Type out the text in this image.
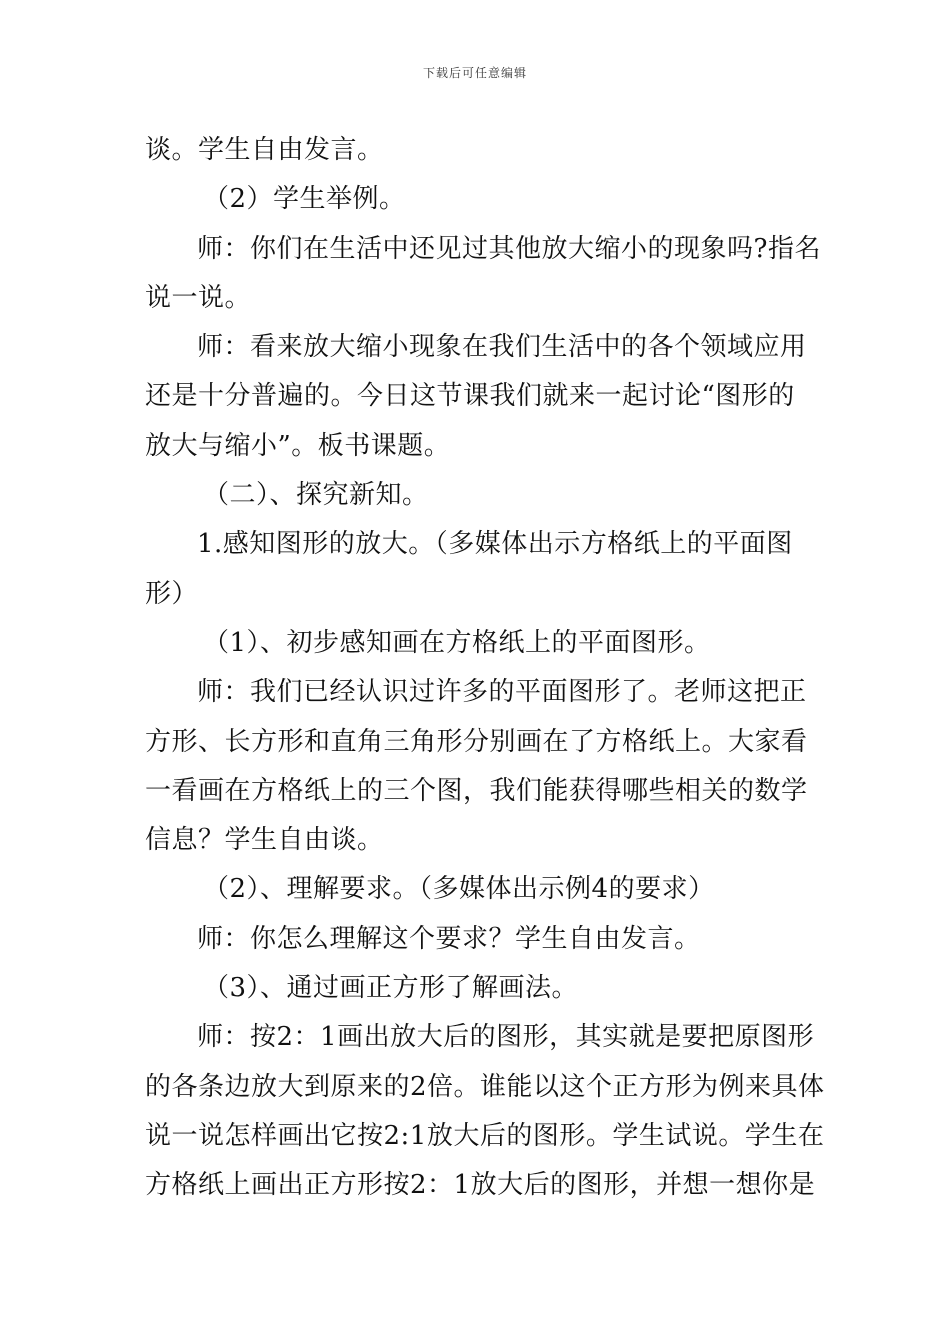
下载后可任意编辑
谈。学生自由发言。
（2）学生举例。
师：你们在生活中还见过其他放大缩小的现象吗?指名
说一说。
师：看来放大缩小现象在我们生活中的各个领域应用
还是十分普遍的。今日这节课我们就来一起讨论“图形的
放大与缩小”。板书课题。
（二）、探究新知。
1.感知图形的放大。（多媒体出示方格纸上的平面图
形）
（1）、初步感知画在方格纸上的平面图形。
师：我们已经认识过许多的平面图形了。老师这把正
方形、长方形和直角三角形分别画在了方格纸上。大家看
一看画在方格纸上的三个图，我们能获得哪些相关的数学
信息？学生自由谈。
（2）、理解要求。（多媒体出示例4的要求）
师：你怎么理解这个要求？学生自由发言。
（3）、通过画正方形了解画法。
师：按2：1画出放大后的图形，其实就是要把原图形
的各条边放大到原来的2倍。谁能以这个正方形为例来具体
说一说怎样画出它按2:1放大后的图形。学生试说。学生在
方格纸上画出正方形按2：1放大后的图形，并想一想你是
